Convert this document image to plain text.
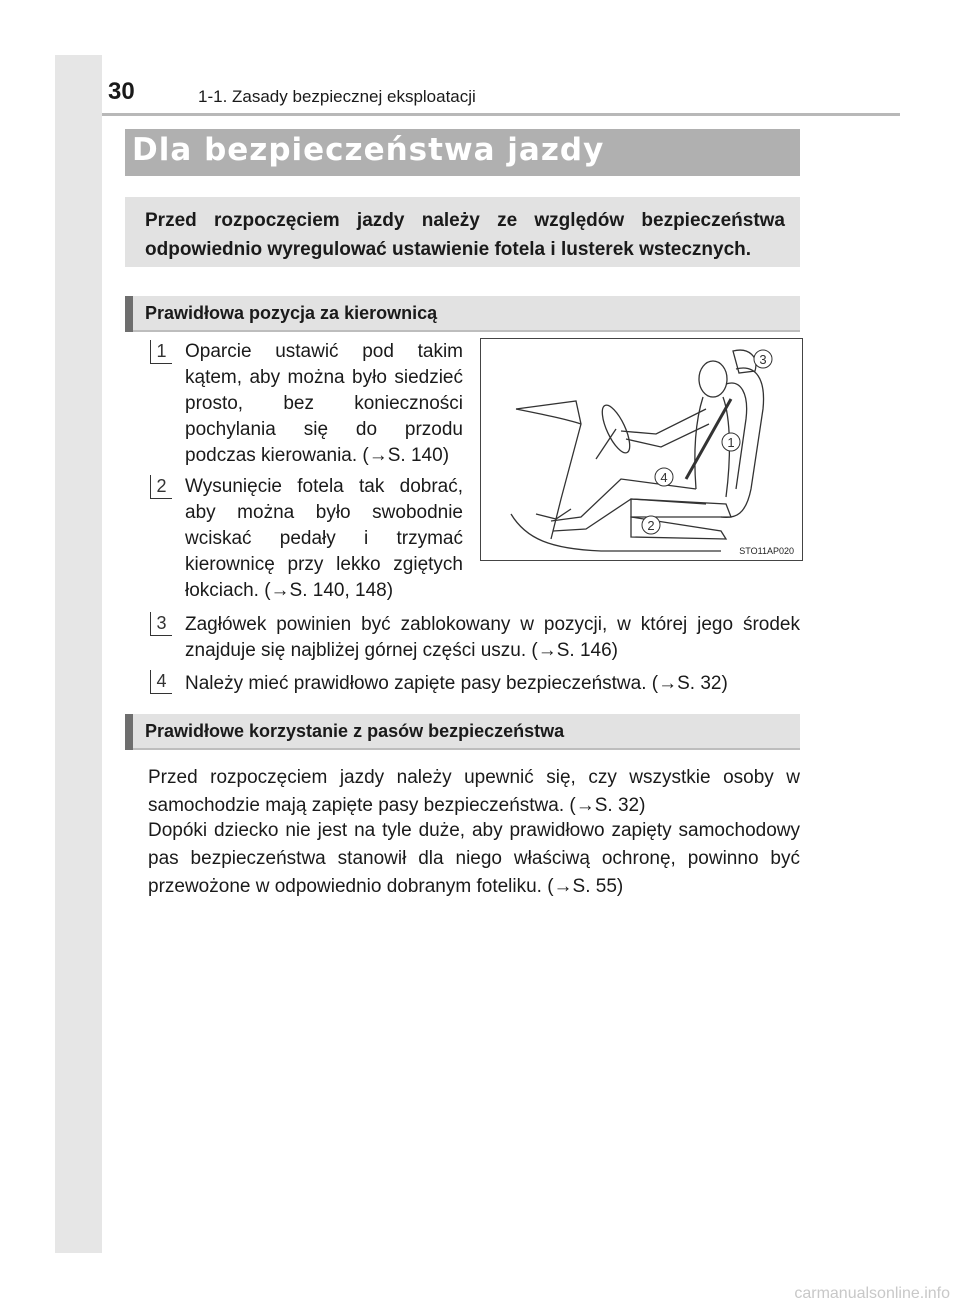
30	1-1. Zasady bezpiecznej eksploatacji
Dla bezpieczeństwa jazdy
Przed rozpoczęciem jazdy należy ze względów bezpieczeństwa

odpowiednio wyregulować ustawienie fotela i lusterek wstecznych.
Prawidłowa pozycja za kierownicą
1 Oparcie ustawić pod takim kątem, aby można było siedzieć prosto, bez konieczności pochylania się do przodu podczas kierowania. (→S. 140)
2 Wysunięcie fotela tak dobrać, aby można było swobodnie wciskać pedały i trzymać kierownicę przy lekko zgiętych łokciach. (→S. 140, 148)
3
1
4
2
STO11AP020
3 Zagłówek powinien być zablokowany w pozycji, w której jego środek znajduje się najbliżej górnej części uszu. (→S. 146)
4 Należy mieć prawidłowo zapięte pasy bezpieczeństwa. (→S. 32)
Prawidłowe korzystanie z pasów bezpieczeństwa
Przed rozpoczęciem jazdy należy upewnić się, czy wszystkie osoby w samochodzie mają zapięte pasy bezpieczeństwa. (→S. 32)
Dopóki dziecko nie jest na tyle duże, aby prawidłowo zapięty samochodowy pas bezpieczeństwa stanowił dla niego właściwą ochronę, powinno być przewożone w odpowiednio dobranym foteliku. (→S. 55)
carmanualsonline.info
